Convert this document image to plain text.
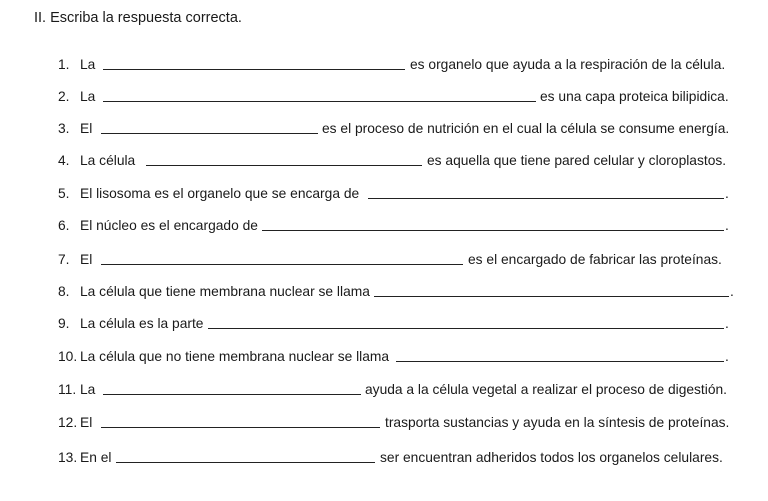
II. Escriba la respuesta correcta.
1. La	es organelo que ayuda a la respiración de la célula.
2. La	es una capa proteica bilipidica.
3. El	es el proceso de nutrición en el cual la célula se consume energía.
4. La célula	es aquella que tiene pared celular y cloroplastos.
5. El lisosoma es el organelo que se encarga de	.
6. El núcleo es el encargado de	.
7. El	es el encargado de fabricar las proteínas.
8. La célula que tiene membrana nuclear se llama	.
9. La célula es la parte	.
10. La célula que no tiene membrana nuclear se llama	.
11. La	ayuda a la célula vegetal a realizar el proceso de digestión.
12. El	trasporta sustancias y ayuda en la síntesis de proteínas.
13. En el	ser encuentran adheridos todos los organelos celulares.
